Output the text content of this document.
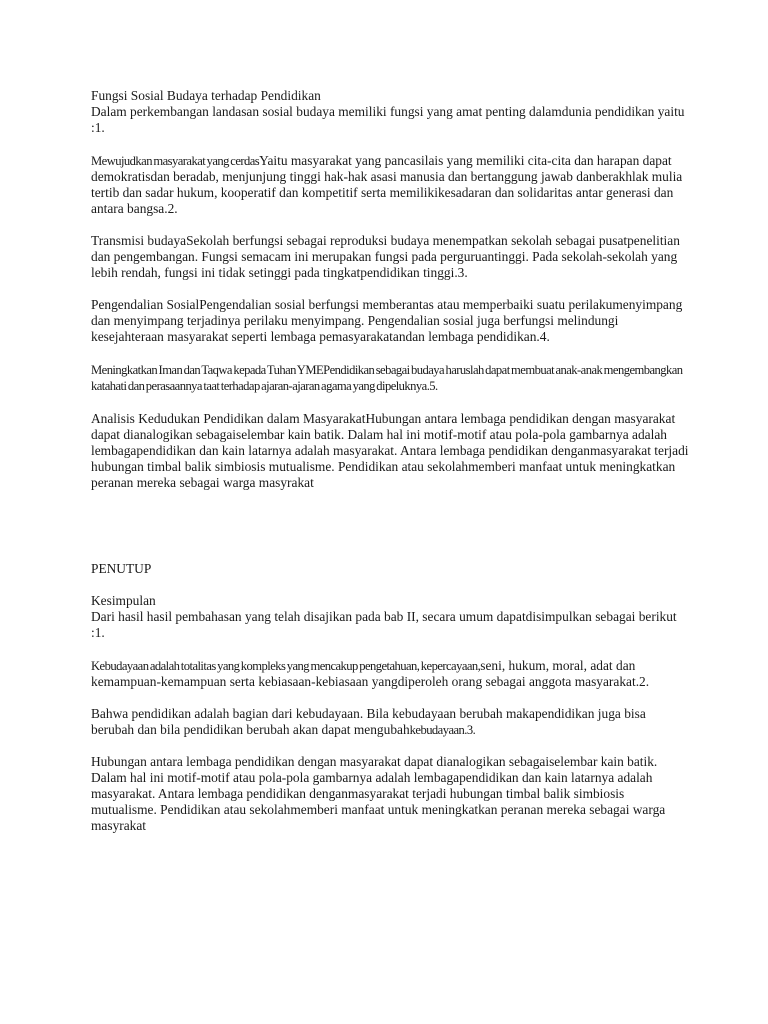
Fungsi Sosial Budaya terhadap Pendidikan
Dalam perkembangan landasan sosial budaya memiliki fungsi yang amat penting dalamdunia pendidikan yaitu :1.

Mewujudkan masyarakat yang cerdasYaitu masyarakat yang pancasilais yang memiliki cita-cita dan harapan dapat demokratisdan beradab, menjunjung tinggi hak-hak asasi manusia dan bertanggung jawab danberakhlak mulia tertib dan sadar hukum, kooperatif dan kompetitif serta memilikikesadaran dan solidaritas antar generasi dan antara bangsa.2.

Transmisi budayaSekolah berfungsi sebagai reproduksi budaya menempatkan sekolah sebagai pusatpenelitian dan pengembangan. Fungsi semacam ini merupakan fungsi pada perguruantinggi. Pada sekolah-sekolah yang lebih rendah, fungsi ini tidak setinggi pada tingkatpendidikan tinggi.3.

Pengendalian SosialPengendalian sosial berfungsi memberantas atau memperbaiki suatu perilakumenyimpang dan menyimpang terjadinya perilaku menyimpang. Pengendalian sosial juga berfungsi melindungi kesejahteraan masyarakat seperti lembaga pemasyarakatandan lembaga pendidikan.4.

Meningkatkan Iman dan Taqwa kepada Tuhan YMEPendidikan sebagai budaya haruslah dapat membuat anak-anak mengembangkan katahati dan perasaannya taat terhadap ajaran-ajaran agama yang dipeluknya.5.

Analisis Kedudukan Pendidikan dalam MasyarakatHubungan antara lembaga pendidikan dengan masyarakat dapat dianalogikan sebagaiselembar kain batik. Dalam hal ini motif-motif atau pola-pola gambarnya adalah lembagapendidikan dan kain latarnya adalah masyarakat. Antara lembaga pendidikan denganmasyarakat terjadi hubungan timbal balik simbiosis mutualisme. Pendidikan atau sekolahmemberi manfaat untuk meningkatkan peranan mereka sebagai warga masyrakat

PENUTUP

Kesimpulan
Dari hasil hasil pembahasan yang telah disajikan pada bab II, secara umum dapatdisimpulkan sebagai berikut :1.

Kebudayaan adalah totalitas yang kompleks yang mencakup pengetahuan, kepercayaan,seni, hukum, moral, adat dan kemampuan-kemampuan serta kebiasaan-kebiasaan yangdiperoleh orang sebagai anggota masyarakat.2.

Bahwa pendidikan adalah bagian dari kebudayaan. Bila kebudayaan berubah makapendidikan juga bisa berubah dan bila pendidikan berubah akan dapat mengubahkebudayaan.3.

Hubungan antara lembaga pendidikan dengan masyarakat dapat dianalogikan sebagaiselembar kain batik. Dalam hal ini motif-motif atau pola-pola gambarnya adalah lembagapendidikan dan kain latarnya adalah masyarakat. Antara lembaga pendidikan denganmasyarakat terjadi hubungan timbal balik simbiosis mutualisme. Pendidikan atau sekolahmemberi manfaat untuk meningkatkan peranan mereka sebagai warga masyrakat
